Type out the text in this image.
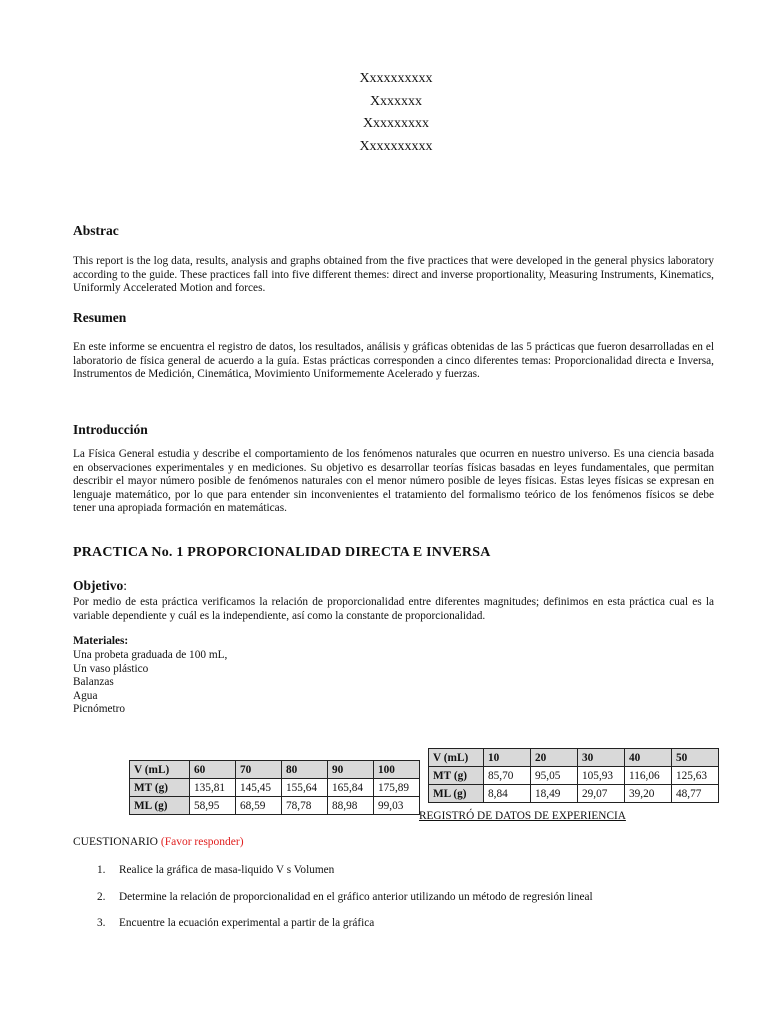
Xxxxxxxxxx
Xxxxxxx
Xxxxxxxxx
Xxxxxxxxxx
Abstrac

This report is the log data, results, analysis and graphs obtained from the five practices that were developed in the general physics laboratory according to the guide. These practices fall into five different themes: direct and inverse proportionality, Measuring Instruments, Kinematics, Uniformly Accelerated Motion and forces.

Resumen

En este informe se encuentra el registro de datos, los resultados, análisis y gráficas obtenidas de las 5 prácticas que fueron desarrolladas en el laboratorio de física general de acuerdo a la guía. Estas prácticas corresponden a cinco diferentes temas: Proporcionalidad directa e Inversa, Instrumentos de Medición, Cinemática, Movimiento Uniformemente Acelerado y fuerzas.

Introducción

La Física General estudia y describe el comportamiento de los fenómenos naturales que ocurren en nuestro universo. Es una ciencia basada en observaciones experimentales y en mediciones. Su objetivo es desarrollar teorías físicas basadas en leyes fundamentales, que permitan describir el mayor número posible de fenómenos naturales con el menor número posible de leyes físicas. Estas leyes físicas se expresan en lenguaje matemático, por lo que para entender sin inconvenientes el tratamiento del formalismo teórico de los fenómenos físicos se debe tener una apropiada formación en matemáticas.

PRACTICA No. 1 PROPORCIONALIDAD DIRECTA E INVERSA
Objetivo:

Por medio de esta práctica verificamos la relación de proporcionalidad entre diferentes magnitudes; definimos en esta práctica cual es la variable dependiente y cuál es la independiente, así como la constante de proporcionalidad.

Materiales:
Una probeta graduada de 100 mL,
Un vaso plástico
Balanzas
Agua
Picnómetro
V (mL)	60	70	80	90	100
MT (g)	135,81	145,45	155,64	165,84	175,89
ML (g)	58,95	68,59	78,78	88,98	99,03
V (mL)	10	20	30	40	50
MT (g)	85,70	95,05	105,93	116,06	125,63
ML (g)	8,84	18,49	29,07	39,20	48,77
REGISTRÓ DE DATOS DE EXPERIENCIA
CUESTIONARIO (Favor responder)
1. Realice la gráfica de masa-liquido V s Volumen
2. Determine la relación de proporcionalidad en el gráfico anterior utilizando un método de regresión lineal
3. Encuentre la ecuación experimental a partir de la gráfica
